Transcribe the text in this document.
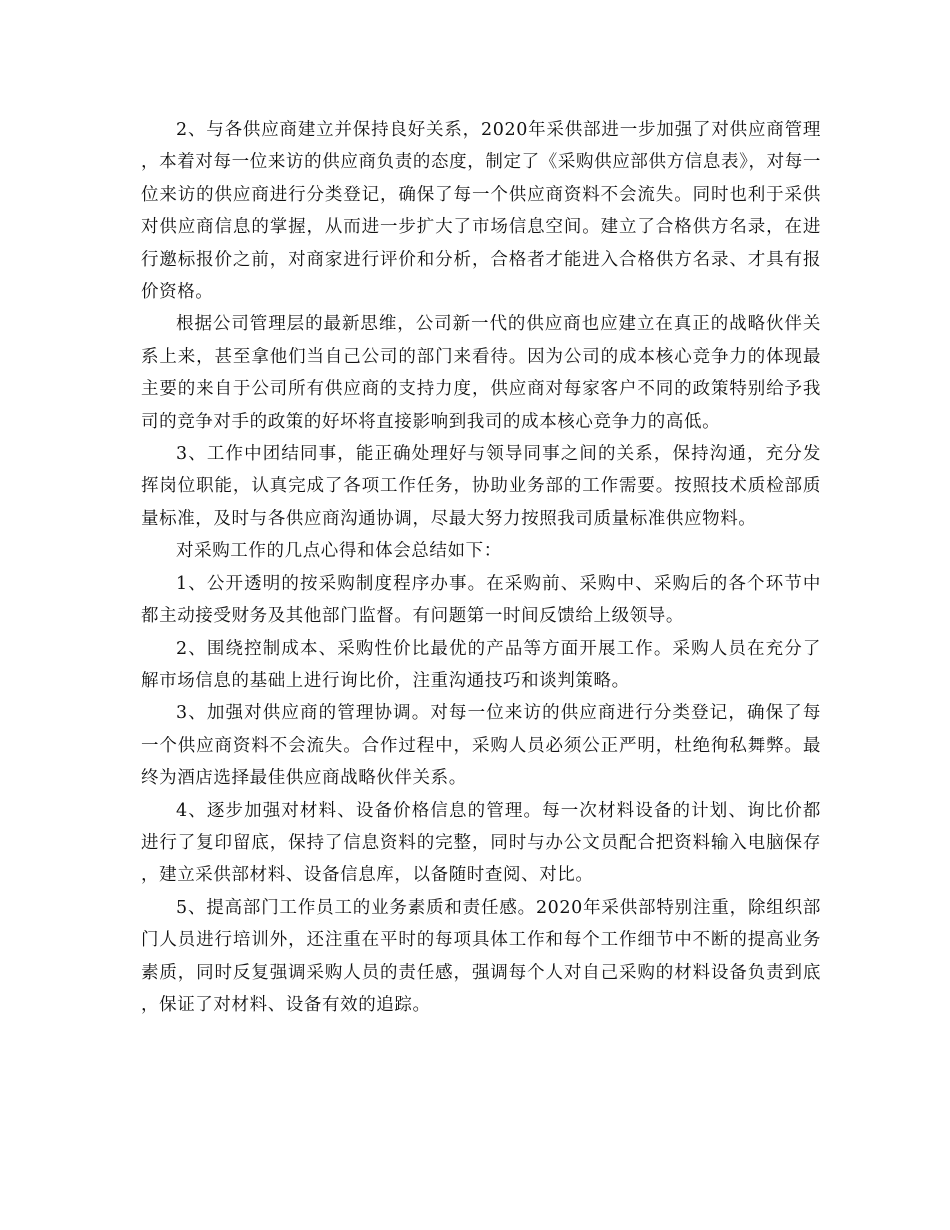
2、与各供应商建立并保持良好关系，2020年采供部进一步加强了对供应商管理，本着对每一位来访的供应商负责的态度，制定了《采购供应部供方信息表》，对每一位来访的供应商进行分类登记，确保了每一个供应商资料不会流失。同时也利于采供对供应商信息的掌握，从而进一步扩大了市场信息空间。建立了合格供方名录，在进行邀标报价之前，对商家进行评价和分析，合格者才能进入合格供方名录、才具有报价资格。

根据公司管理层的最新思维，公司新一代的供应商也应建立在真正的战略伙伴关系上来，甚至拿他们当自己公司的部门来看待。因为公司的成本核心竞争力的体现最主要的来自于公司所有供应商的支持力度，供应商对每家客户不同的政策特别给予我司的竞争对手的政策的好坏将直接影响到我司的成本核心竞争力的高低。

3、工作中团结同事，能正确处理好与领导同事之间的关系，保持沟通，充分发挥岗位职能，认真完成了各项工作任务，协助业务部的工作需要。按照技术质检部质量标准，及时与各供应商沟通协调，尽最大努力按照我司质量标准供应物料。

对采购工作的几点心得和体会总结如下：

1、公开透明的按采购制度程序办事。在采购前、采购中、采购后的各个环节中都主动接受财务及其他部门监督。有问题第一时间反馈给上级领导。

2、围绕控制成本、采购性价比最优的产品等方面开展工作。采购人员在充分了解市场信息的基础上进行询比价，注重沟通技巧和谈判策略。

3、加强对供应商的管理协调。对每一位来访的供应商进行分类登记，确保了每一个供应商资料不会流失。合作过程中，采购人员必须公正严明，杜绝徇私舞弊。最终为酒店选择最佳供应商战略伙伴关系。

4、逐步加强对材料、设备价格信息的管理。每一次材料设备的计划、询比价都进行了复印留底，保持了信息资料的完整，同时与办公文员配合把资料输入电脑保存，建立采供部材料、设备信息库，以备随时查阅、对比。

5、提高部门工作员工的业务素质和责任感。2020年采供部特别注重，除组织部门人员进行培训外，还注重在平时的每项具体工作和每个工作细节中不断的提高业务素质，同时反复强调采购人员的责任感，强调每个人对自己采购的材料设备负责到底，保证了对材料、设备有效的追踪。
